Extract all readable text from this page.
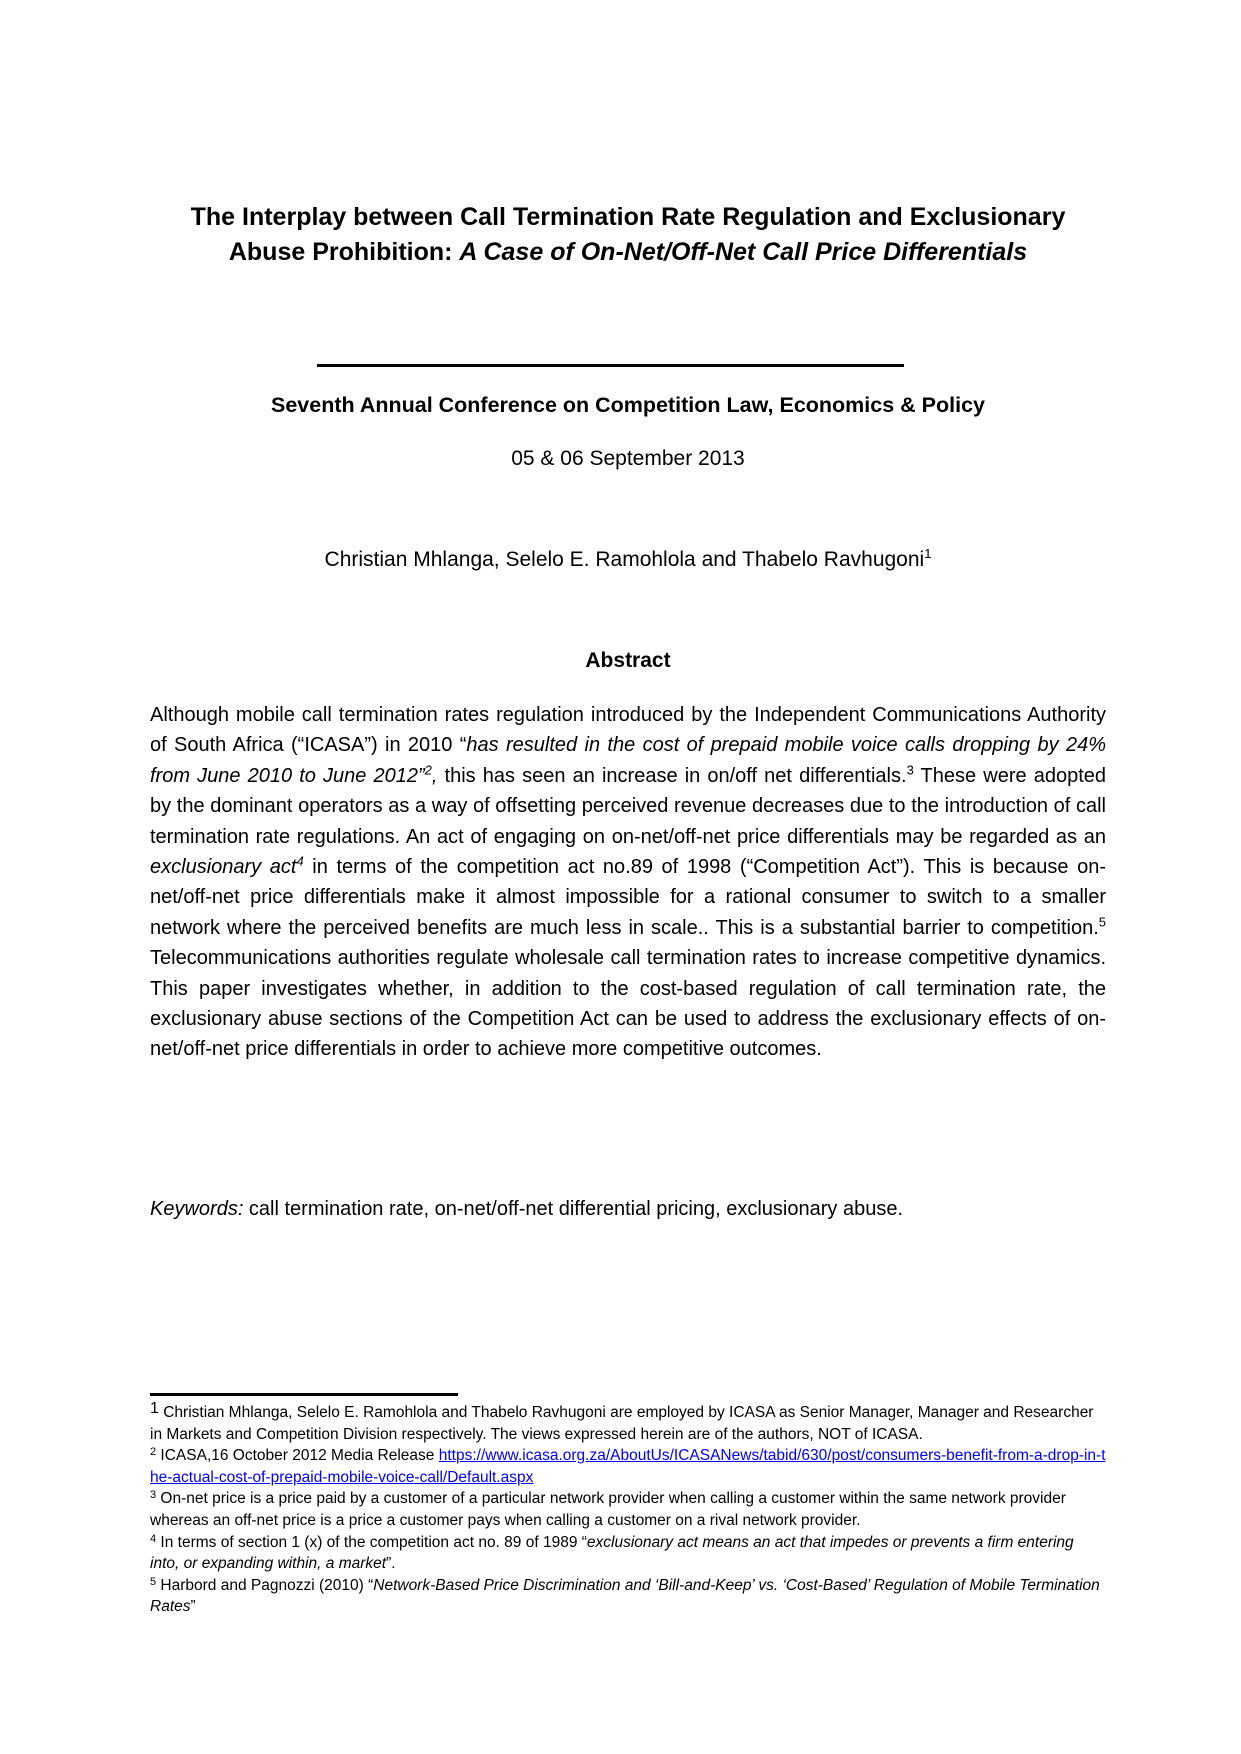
The Interplay between Call Termination Rate Regulation and Exclusionary
Abuse Prohibition: A Case of On-Net/Off-Net Call Price Differentials
Seventh Annual Conference on Competition Law, Economics & Policy
05 & 06 September 2013
Christian Mhlanga, Selelo E. Ramohlola and Thabelo Ravhugoni$^1$
Abstract
Although mobile call termination rates regulation introduced by the Independent Communications Authority of South Africa (“ICASA”) in 2010 “has resulted in the cost of prepaid mobile voice calls dropping by 24% from June 2010 to June 2012”$^2$, this has seen an increase in on/off net differentials.$^3$ These were adopted by the dominant operators as a way of offsetting perceived revenue decreases due to the introduction of call termination rate regulations. An act of engaging on on-net/off-net price differentials may be regarded as an exclusionary act$^4$ in terms of the competition act no.89 of 1998 (“Competition Act”). This is because on-net/off-net price differentials make it almost impossible for a rational consumer to switch to a smaller network where the perceived benefits are much less in scale.. This is a substantial barrier to competition.$^5$ Telecommunications authorities regulate wholesale call termination rates to increase competitive dynamics. This paper investigates whether, in addition to the cost-based regulation of call termination rate, the exclusionary abuse sections of the Competition Act can be used to address the exclusionary effects of on-net/off-net price differentials in order to achieve more competitive outcomes.
Keywords: call termination rate, on-net/off-net differential pricing, exclusionary abuse.
$^1$ Christian Mhlanga, Selelo E. Ramohlola and Thabelo Ravhugoni are employed by ICASA as Senior Manager, Manager and Researcher in Markets and Competition Division respectively. The views expressed herein are of the authors, NOT of ICASA.
$^2$ ICASA,16 October 2012 Media Release https://www.icasa.org.za/AboutUs/ICASANews/tabid/630/post/consumers-benefit-from-a-drop-in-the-actual-cost-of-prepaid-mobile-voice-call/Default.aspx
$^3$ On-net price is a price paid by a customer of a particular network provider when calling a customer within the same network provider whereas an off-net price is a price a customer pays when calling a customer on a rival network provider.
$^4$ In terms of section 1 (x) of the competition act no. 89 of 1989 “exclusionary act means an act that impedes or prevents a firm entering into, or expanding within, a market”.
$^5$ Harbord and Pagnozzi (2010) “Network-Based Price Discrimination and ‘Bill-and-Keep’ vs. ‘Cost-Based’ Regulation of Mobile Termination Rates”
